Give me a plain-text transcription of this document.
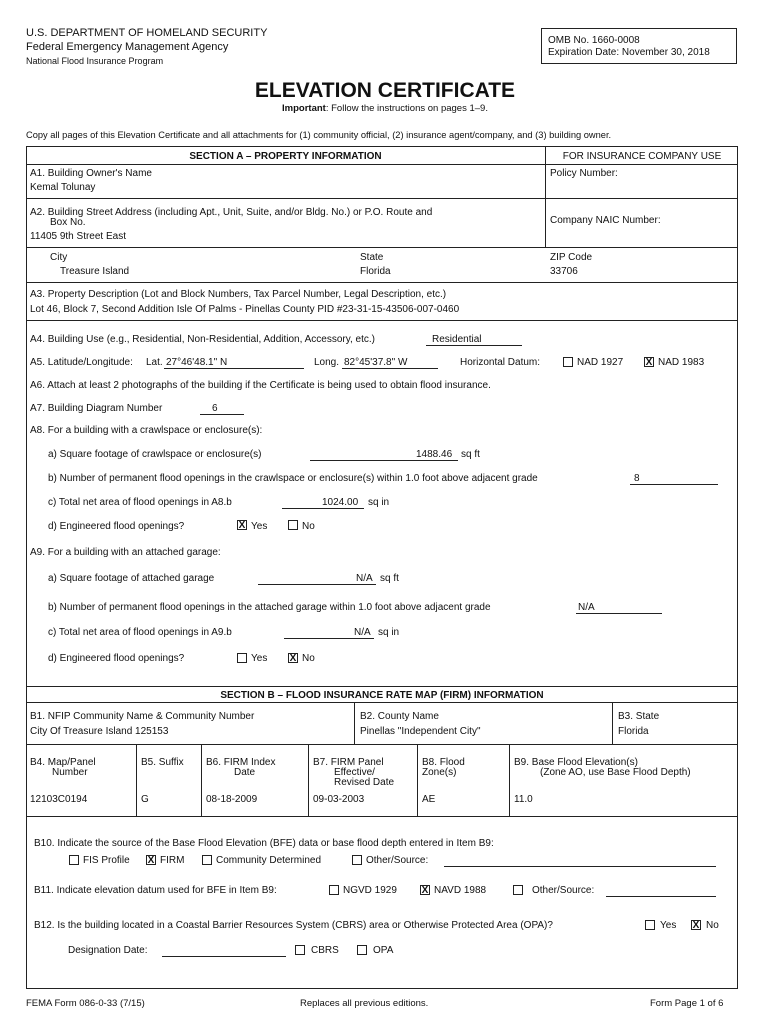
U.S. DEPARTMENT OF HOMELAND SECURITY
Federal Emergency Management Agency
National Flood Insurance Program
OMB No. 1660-0008
Expiration Date: November 30, 2018
ELEVATION CERTIFICATE
Important: Follow the instructions on pages 1–9.
Copy all pages of this Elevation Certificate and all attachments for (1) community official, (2) insurance agent/company, and (3) building owner.
SECTION A – PROPERTY INFORMATION	FOR INSURANCE COMPANY USE
A1. Building Owner's Name
Kemal Tolunay
Policy Number:
A2. Building Street Address (including Apt., Unit, Suite, and/or Bldg. No.) or P.O. Route and
Box No.
11405 9th Street East
Company NAIC Number:
City
Treasure Island
State
Florida
ZIP Code
33706
A3. Property Description (Lot and Block Numbers, Tax Parcel Number, Legal Description, etc.)
Lot 46, Block 7, Second Addition Isle Of Palms - Pinellas County PID #23-31-15-43506-007-0460
A4. Building Use (e.g., Residential, Non-Residential, Addition, Accessory, etc.)	Residential
A5. Latitude/Longitude: Lat. 27°46'48.1" N	Long. 82°45'37.8" W	Horizontal Datum:	NAD 1927 X NAD 1983
A6. Attach at least 2 photographs of the building if the Certificate is being used to obtain flood insurance.
A7. Building Diagram Number	6
A8. For a building with a crawlspace or enclosure(s):
a) Square footage of crawlspace or enclosure(s)	1488.46 sq ft
b) Number of permanent flood openings in the crawlspace or enclosure(s) within 1.0 foot above adjacent grade	8
c) Total net area of flood openings in A8.b	1024.00 sq in
d) Engineered flood openings?	X Yes	No
A9. For a building with an attached garage:
a) Square footage of attached garage	N/A sq ft
b) Number of permanent flood openings in the attached garage within 1.0 foot above adjacent grade	N/A
c) Total net area of flood openings in A9.b	N/A sq in
d) Engineered flood openings?	Yes X No
SECTION B – FLOOD INSURANCE RATE MAP (FIRM) INFORMATION
B1. NFIP Community Name & Community Number
City Of Treasure Island 125153
B2. County Name
Pinellas "Independent City"
B3. State
Florida
B4. Map/Panel
Number
12103C0194
B5. Suffix
G
B6. FIRM Index
Date
08-18-2009
B7. FIRM Panel
Effective/
Revised Date
09-03-2003
B8. Flood
Zone(s)
AE
B9. Base Flood Elevation(s)
(Zone AO, use Base Flood Depth)
11.0
B10. Indicate the source of the Base Flood Elevation (BFE) data or base flood depth entered in Item B9:
FIS Profile X FIRM	Community Determined	Other/Source:
B11. Indicate elevation datum used for BFE in Item B9:	NGVD 1929 X NAVD 1988	Other/Source:
B12. Is the building located in a Coastal Barrier Resources System (CBRS) area or Otherwise Protected Area (OPA)?	Yes X No
Designation Date:	CBRS	OPA
FEMA Form 086-0-33 (7/15)	Replaces all previous editions.	Form Page 1 of 6
